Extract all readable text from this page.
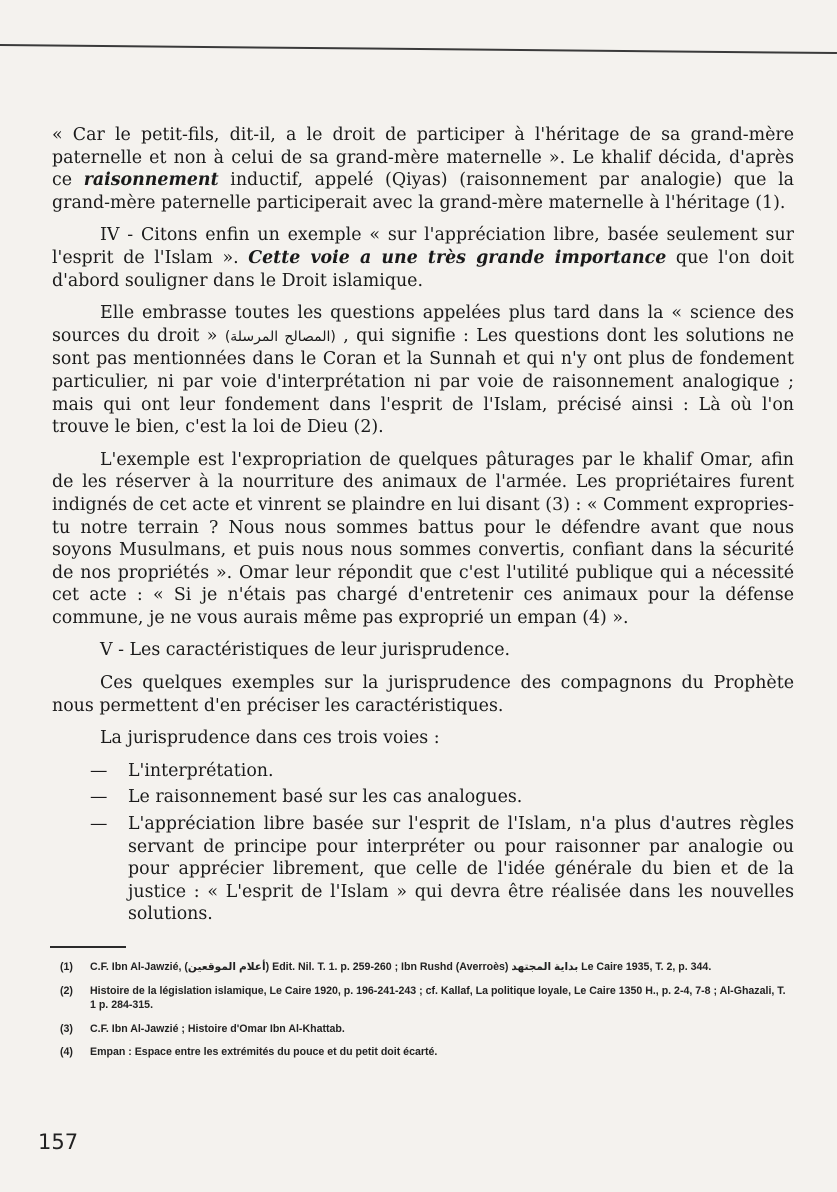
« Car le petit-fils, dit-il, a le droit de participer à l'héritage de sa grand-mère paternelle et non à celui de sa grand-mère maternelle ». Le khalif décida, d'après ce raisonnement inductif, appelé (Qiyas) (raisonnement par analogie) que la grand-mère paternelle participerait avec la grand-mère maternelle à l'héritage (1).

IV - Citons enfin un exemple « sur l'appréciation libre, basée seulement sur l'esprit de l'Islam ». Cette voie a une très grande importance que l'on doit d'abord souligner dans le Droit islamique.

Elle embrasse toutes les questions appelées plus tard dans la « science des sources du droit » (المصالح المرسلة) , qui signifie : Les questions dont les solutions ne sont pas mentionnées dans le Coran et la Sunnah et qui n'y ont plus de fondement particulier, ni par voie d'interprétation ni par voie de raisonnement analogique ; mais qui ont leur fondement dans l'esprit de l'Islam, précisé ainsi : Là où l'on trouve le bien, c'est la loi de Dieu (2).

L'exemple est l'expropriation de quelques pâturages par le khalif Omar, afin de les réserver à la nourriture des animaux de l'armée. Les propriétaires furent indignés de cet acte et vinrent se plaindre en lui disant (3) : « Comment expropries-tu notre terrain ? Nous nous sommes battus pour le défendre avant que nous soyons Musulmans, et puis nous nous sommes convertis, confiant dans la sécurité de nos propriétés ». Omar leur répondit que c'est l'utilité publique qui a nécessité cet acte : « Si je n'étais pas chargé d'entretenir ces animaux pour la défense commune, je ne vous aurais même pas exproprié un empan (4) ».

V - Les caractéristiques de leur jurisprudence.

Ces quelques exemples sur la jurisprudence des compagnons du Prophète nous permettent d'en préciser les caractéristiques.

La jurisprudence dans ces trois voies :

— L'interprétation.
— Le raisonnement basé sur les cas analogues.
— L'appréciation libre basée sur l'esprit de l'Islam, n'a plus d'autres règles servant de principe pour interpréter ou pour raisonner par analogie ou pour apprécier librement, que celle de l'idée générale du bien et de la justice : « L'esprit de l'Islam » qui devra être réalisée dans les nouvelles solutions.
(1)	C.F. Ibn Al-Jawzié, (أعلام الموقعين) Edit. Nil. T. 1. p. 259-260 ; Ibn Rushd (Averroès) بداية المجتهد Le Caire 1935, T. 2, p. 344.
(2)	Histoire de la législation islamique, Le Caire 1920, p. 196-241-243 ; cf. Kallaf, La politique loyale, Le Caire 1350 H., p. 2-4, 7-8 ; Al-Ghazali, T. 1 p. 284-315.
(3)	C.F. Ibn Al-Jawzié ; Histoire d'Omar Ibn Al-Khattab.
(4)	Empan : Espace entre les extrémités du pouce et du petit doit écarté.
157
